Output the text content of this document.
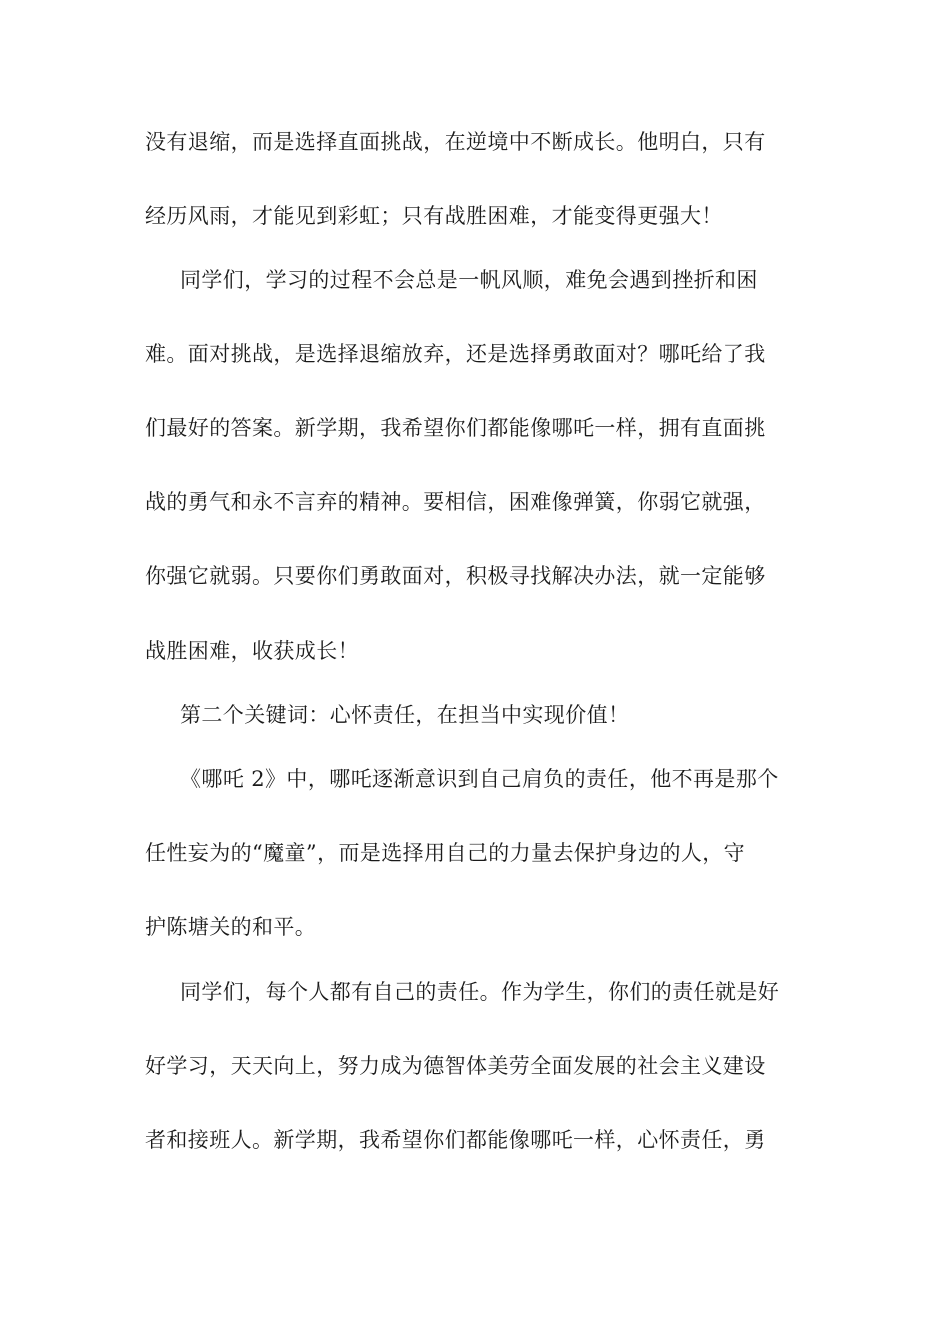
没有退缩，而是选择直面挑战，在逆境中不断成长。他明白，只有
经历风雨，才能见到彩虹；只有战胜困难，才能变得更强大！
同学们，学习的过程不会总是一帆风顺，难免会遇到挫折和困
难。面对挑战，是选择退缩放弃，还是选择勇敢面对？哪吒给了我
们最好的答案。新学期，我希望你们都能像哪吒一样，拥有直面挑
战的勇气和永不言弃的精神。要相信，困难像弹簧，你弱它就强，
你强它就弱。只要你们勇敢面对，积极寻找解决办法，就一定能够
战胜困难，收获成长！
第二个关键词：心怀责任，在担当中实现价值！
《哪吒 2》中，哪吒逐渐意识到自己肩负的责任，他不再是那个
任性妄为的“魔童”，而是选择用自己的力量去保护身边的人，守
护陈塘关的和平。
同学们，每个人都有自己的责任。作为学生，你们的责任就是好
好学习，天天向上，努力成为德智体美劳全面发展的社会主义建设
者和接班人。新学期，我希望你们都能像哪吒一样，心怀责任，勇
